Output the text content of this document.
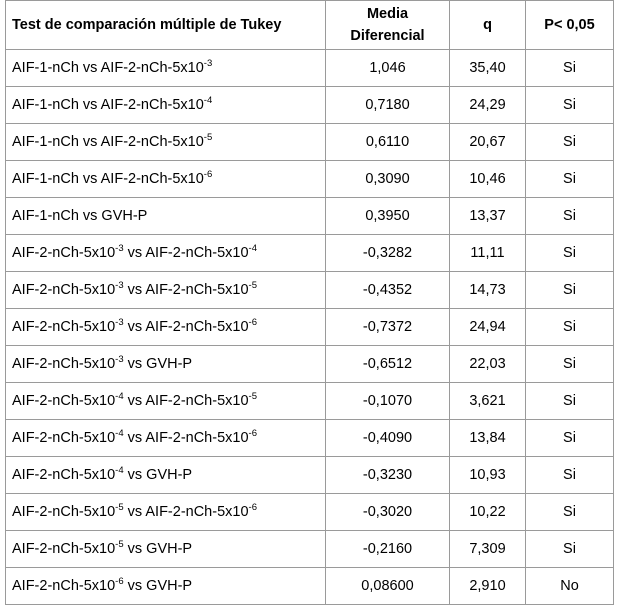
Test de comparación múltiple de Tukey	Media Diferencial	q	P< 0,05
AIF-1-nCh vs AIF-$2-nCh-5x10^{-3}$	1,046	35,40	Si
AIF-1-nCh vs AIF-$2-nCh-5x10^{-4}$	0,7180	24,29	Si
AIF-1-nCh vs AIF-$2-nCh-5x10^{-5}$	0,6110	20,67	Si
AIF-1-nCh vs AIF-$2-nCh-5x10^{-6}$	0,3090	10,46	Si
AIF-1-nCh vs GVH-P	0,3950	13,37	Si
AIF-$2-nCh-5x10^{-3}$ vs AIF-$2-nCh-5x10^{-4}$	-0,3282	11,11	Si
AIF-$2-nCh-5x10^{-3}$ vs AIF-$2-nCh-5x10^{-5}$	-0,4352	14,73	Si
AIF-$2-nCh-5x10^{-3}$ vs AIF-$2-nCh-5x10^{-6}$	-0,7372	24,94	Si
AIF-$2-nCh-5x10^{-3}$ vs GVH-P	-0,6512	22,03	Si
AIF-$2-nCh-5x10^{-4}$ vs AIF-$2-nCh-5x10^{-5}$	-0,1070	3,621	Si
AIF-$2-nCh-5x10^{-4}$ vs AIF-$2-nCh-5x10^{-6}$	-0,4090	13,84	Si
AIF-$2-nCh-5x10^{-4}$ vs GVH-P	-0,3230	10,93	Si
AIF-$2-nCh-5x10^{-5}$ vs AIF-$2-nCh-5x10^{-6}$	-0,3020	10,22	Si
AIF-$2-nCh-5x10^{-5}$ vs GVH-P	-0,2160	7,309	Si
AIF-$2-nCh-5x10^{-6}$ vs GVH-P	0,08600	2,910	No
